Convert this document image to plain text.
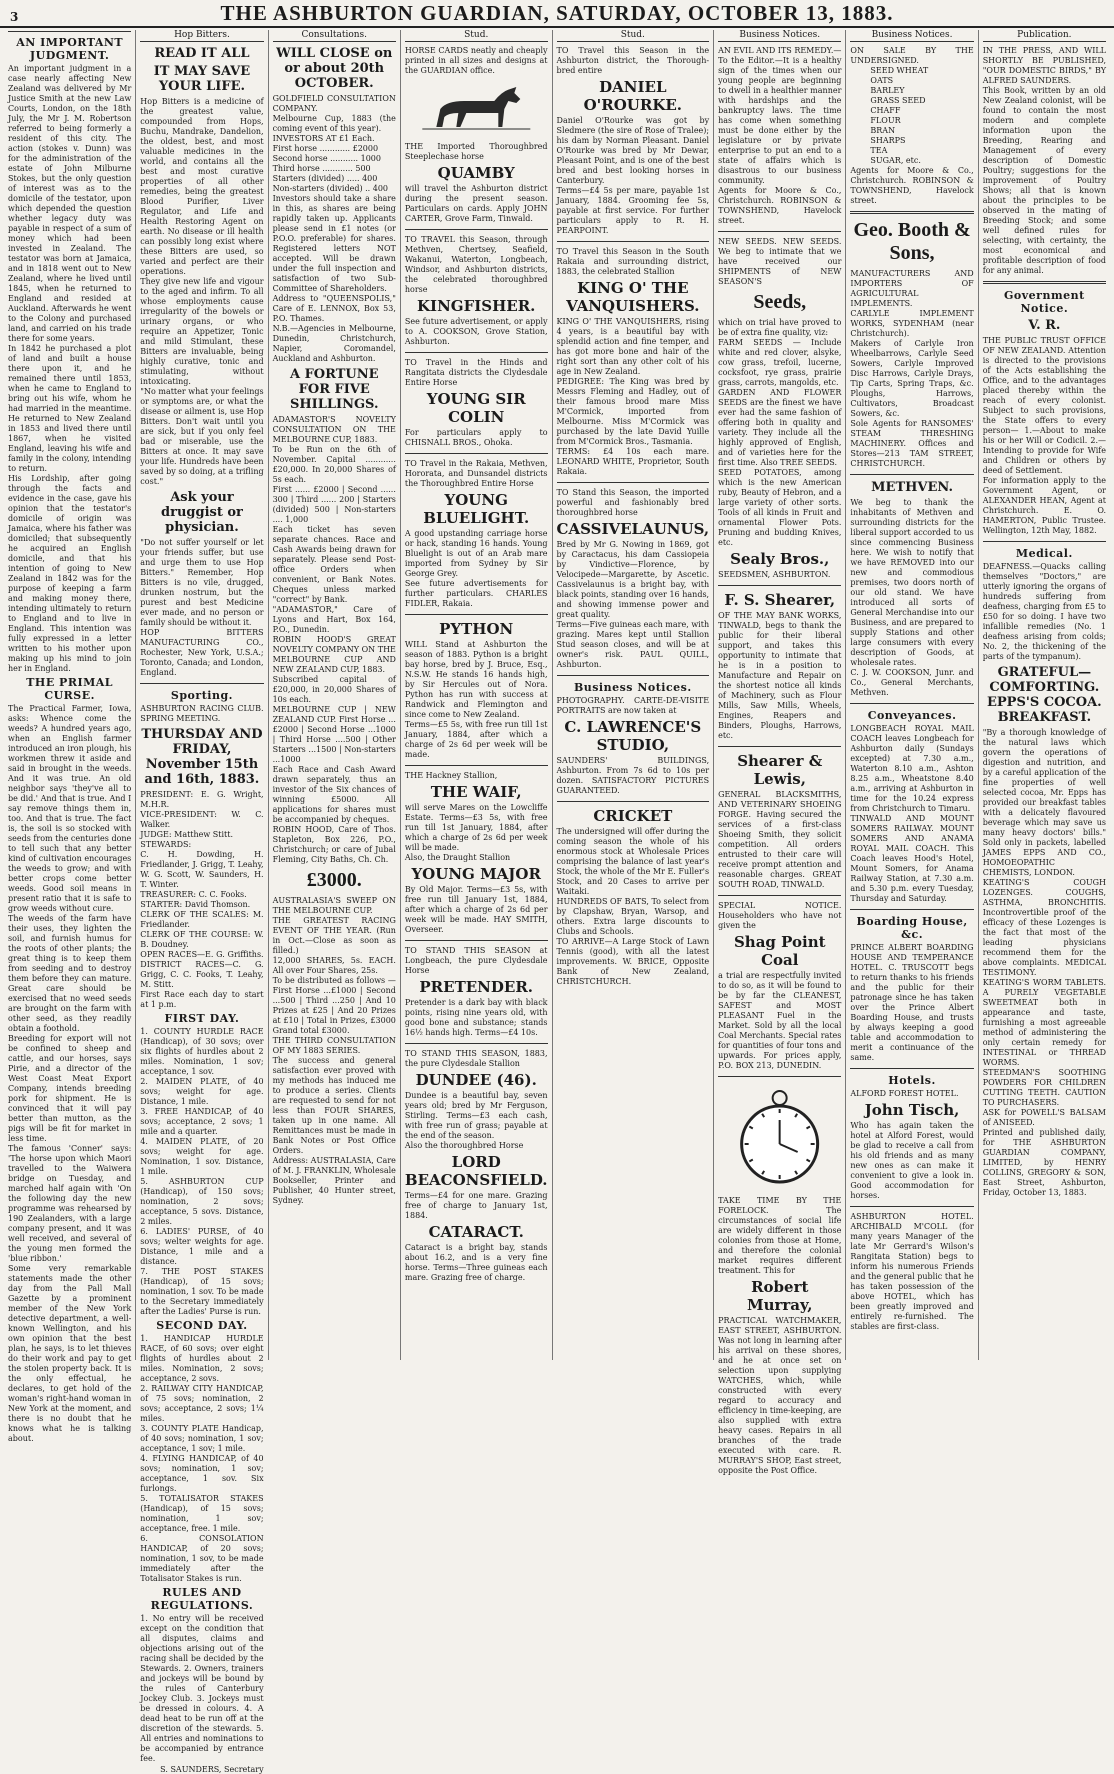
3	THE ASHBURTON GUARDIAN, SATURDAY, OCTOBER 13, 1883.
AN IMPORTANT JUDGMENT.

An important judgment in a case nearly affecting New Zealand was delivered by Mr Justice Smith at the new Law Courts, London, on the 18th July, the Mr J. M. Robertson referred to being formerly a resident of this city. The action (stokes v. Dunn) was for the administration of the estate of John Milburne Stokes, but the only question of interest was as to the domicile of the testator, upon which depended the question whether legacy duty was payable in respect of a sum of money which had been invested in Zealand. The testator was born at Jamaica, and in 1818 went out to New Zealand, where he lived until 1845, when he returned to England and resided at Auckland. Afterwards he went to the Colony and purchased land, and carried on his trade there for some years.

In 1842 he purchased a plot of land and built a house there upon it, and he remained there until 1853, when he came to England to bring out his wife, whom he had married in the meantime. He returned to New Zealand in 1853 and lived there until 1867, when he visited England, leaving his wife and family in the colony, intending to return.

His Lordship, after going through the facts and evidence in the case, gave his opinion that the testator's domicile of origin was Jamaica, where his father was domiciled; that subsequently he acquired an English domicile, and that his intention of going to New Zealand in 1842 was for the purpose of keeping a farm and making money there, intending ultimately to return to England and to live in England. This intention was fully expressed in a letter written to his mother upon making up his mind to join her in England.

THE PRIMAL CURSE.

The Practical Farmer, Iowa, asks: Whence come the weeds? A hundred years ago, when an English farmer introduced an iron plough, his workmen threw it aside and said in brought in the weeds. And it was true. An old neighbor says 'they've all to be did.' And that is true. And I say remove things them in, too. And that is true. The fact is, the soil is so stocked with seeds from the centuries done to tell such that any better kind of cultivation encourages the weeds to grow; and with better crops come better weeds. Good soil means in present ratio that it is safe to grow weeds without cure.

The weeds of the farm have their uses, they lighten the soil, and furnish humus for the roots of other plants; the great thing is to keep them from seeding and to destroy them before they can mature. Great care should be exercised that no weed seeds are brought on the farm with other seed, as they readily obtain a foothold.

Breeding for export will not be confined to sheep and cattle, and our horses, says Pirie, and a director of the West Coast Meat Export Company, intends breeding pork for shipment. He is convinced that it will pay better than mutton, as the pigs will be fit for market in less time.

The famous 'Conner' says: 'The horse upon which Maori travelled to the Waiwera bridge on Tuesday, and marched half again with 'On the following day the new programme was rehearsed by 190 Zealanders, with a large company present, and it was well received, and several of the young men formed the 'blue ribbon.'

Some very remarkable statements made the other day from the Pall Mall Gazette by a prominent member of the New York detective department, a well-known Wellington, and his own opinion that the best plan, he says, is to let thieves do their work and pay to get the stolen property back. It is the only effectual, he declares, to get hold of the woman's right-hand woman in New York at the moment, and there is no doubt that he knows what he is talking about.

Hop Bitters.
READ IT ALL
IT MAY SAVE YOUR LIFE.

Hop Bitters is a medicine of the greatest value, compounded from Hops, Buchu, Mandrake, Dandelion, the oldest, best, and most valuable medicines in the world, and contains all the best and most curative properties of all other remedies, being the greatest Blood Purifier, Liver Regulator, and Life and Health Restoring Agent on earth. No disease or ill health can possibly long exist where these Bitters are used, so varied and perfect are their operations.

They give new life and vigour to the aged and infirm. To all whose employments cause irregularity of the bowels or urinary organs, or who require an Appetizer, Tonic and mild Stimulant, these Bitters are invaluable, being highly curative, tonic and stimulating, without intoxicating.

"No matter what your feelings or symptoms are, or what the disease or ailment is, use Hop Bitters. Don't wait until you are sick, but if you only feel bad or miserable, use the Bitters at once. It may save your life. Hundreds have been saved by so doing, at a trifling cost."

Ask your druggist or physician.

"Do not suffer yourself or let your friends suffer, but use and urge them to use Hop Bitters." Remember, Hop Bitters is no vile, drugged, drunken nostrum, but the purest and best Medicine ever made, and no person or family should be without it.

HOP BITTERS MANUFACTURING CO., Rochester, New York, U.S.A.; Toronto, Canada; and London, England.

Sporting.

ASHBURTON RACING CLUB. SPRING MEETING.

THURSDAY AND FRIDAY, November 15th and 16th, 1883.

PRESIDENT: E. G. Wright, M.H.R.

VICE-PRESIDENT: W. C. Walker.

JUDGE: Matthew Stitt.

STEWARDS:

C. H. Dowding, H. Friedlander, J. Grigg, T. Leahy, W. G. Scott, W. Saunders, H. T. Winter.

TREASURER: C. C. Fooks.

STARTER: David Thomson.

CLERK OF THE SCALES: M. Friedlander.

CLERK OF THE COURSE: W. B. Doudney.

OPEN RACES—E. G. Griffiths. DISTRICT RACES—C. G. Grigg, C. C. Fooks, T. Leahy, M. Stitt.

First Race each day to start at 1 p.m.

FIRST DAY.

1. COUNTY HURDLE RACE (Handicap), of 30 sovs; over six flights of hurdles about 2 miles. Nomination, 1 sov; acceptance, 1 sov.

2. MAIDEN PLATE, of 40 sovs; weight for age. Distance, 1 mile.

3. FREE HANDICAP, of 40 sovs; acceptance, 2 sovs; 1 mile and a quarter.

4. MAIDEN PLATE, of 20 sovs; weight for age. Nomination, 1 sov. Distance, 1 mile.

5. ASHBURTON CUP (Handicap), of 150 sovs; nomination, 2 sovs; acceptance, 5 sovs. Distance, 2 miles.

6. LADIES' PURSE, of 40 sovs; welter weights for age. Distance, 1 mile and a distance.

7. THE POST STAKES (Handicap), of 15 sovs; nomination, 1 sov. To be made to the Secretary immediately after the Ladies' Purse is run.

SECOND DAY.

1. HANDICAP HURDLE RACE, of 60 sovs; over eight flights of hurdles about 2 miles. Nomination, 2 sovs; acceptance, 2 sovs.

2. RAILWAY CITY HANDICAP, of 75 sovs; nomination, 2 sovs; acceptance, 2 sovs; 1¼ miles.

3. COUNTY PLATE Handicap, of 40 sovs; nomination, 1 sov; acceptance, 1 sov; 1 mile.

4. FLYING HANDICAP, of 40 sovs; nomination, 1 sov; acceptance, 1 sov. Six furlongs.

5. TOTALISATOR STAKES (Handicap), of 15 sovs; nomination, 1 sov; acceptance, free. 1 mile.

6. CONSOLATION HANDICAP, of 20 sovs; nomination, 1 sov, to be made immediately after the Totalisator Stakes is run.

RULES AND REGULATIONS.

1. No entry will be received except on the condition that all disputes, claims and objections arising out of the racing shall be decided by the Stewards. 2. Owners, trainers and jockeys will be bound by the rules of Canterbury Jockey Club. 3. Jockeys must be dressed in colours. 4. A dead heat to be run off at the discretion of the stewards. 5. All entries and nominations to be accompanied by entrance fee.

S. SAUNDERS, Secretary

Consultations.
WILL CLOSE on or about 20th OCTOBER.

GOLDFIELD CONSULTATION COMPANY.

Melbourne Cup, 1883 (the coming event of this year).

INVESTORS AT £1 Each.

First horse ............ £2000

Second horse ........... 1000

Third horse ............ 500

Starters (divided) ..... 400

Non-starters (divided) .. 400

Investors should take a share in this, as shares are being rapidly taken up. Applicants please send in £1 notes (or P.O.O. preferable) for shares. Registered letters NOT accepted. Will be drawn under the full inspection and satisfaction of two Sub-Committee of Shareholders.

Address to "QUEENSPOLIS," Care of E. LENNOX, Box 53, P.O. Thames.

N.B.—Agencies in Melbourne, Dunedin, Christchurch, Napier, Coromandel, Auckland and Ashburton.

A FORTUNE FOR FIVE SHILLINGS.

ADAMASTOR'S NOVELTY CONSULTATION ON THE MELBOURNE CUP, 1883.

To be Run on the 6th of November. Capital ............ £20,000. In 20,000 Shares of 5s each.

First ...... £2000 | Second ...... 300 | Third ...... 200 | Starters (divided) 500 | Non-starters .... 1,000

Each ticket has seven separate chances. Race and Cash Awards being drawn for separately. Please send Post-office Orders when convenient, or Bank Notes. Cheques unless marked "correct" by Bank.

"ADAMASTOR," Care of Lyons and Hart, Box 164, P.O., Dunedin.

ROBIN HOOD'S GREAT NOVELTY COMPANY ON THE MELBOURNE CUP AND NEW ZEALAND CUP, 1883.

Subscribed capital of £20,000, in 20,000 Shares of 10s each.

MELBOURNE CUP | NEW ZEALAND CUP. First Horse ...£2000 | Second Horse ...1000 | Third Horse ....500 | Other Starters ...1500 | Non-starters ...1000

Each Race and Cash Award drawn separately, thus an investor of the Six chances of winning £5000. All applications for shares must be accompanied by cheques.

ROBIN HOOD, Care of Thos. Stapleton, Box 226, P.O., Christchurch; or care of Jubal Fleming, City Baths, Ch. Ch.

£3000.

AUSTRALASIA'S SWEEP ON THE MELBOURNE CUP.

THE GREATEST RACING EVENT OF THE YEAR. (Run in Oct.—Close as soon as filled.)

12,000 SHARES, 5s. EACH. All over Four Shares, 25s.

To be distributed as follows — First Horse ...£1000 | Second ...500 | Third ...250 | And 10 Prizes at £25 | And 20 Prizes at £10 | Total in Prizes, £3000 Grand total £3000.

THE THIRD CONSULTATION OF MY 1883 SERIES.

The success and general satisfaction ever proved with my methods has induced me to produce a series. Clients are requested to send for not less than FOUR SHARES, taken up in one name. All Remittances must be made in Bank Notes or Post Office Orders.

Address: AUSTRALASIA, Care of M. J. FRANKLIN, Wholesale Bookseller, Printer and Publisher, 40 Hunter street, Sydney.

Stud.

HORSE CARDS neatly and cheaply printed in all sizes and designs at the GUARDIAN office.

THE Imported Thoroughbred Steeplechase horse

QUAMBY

will travel the Ashburton district during the present season. Particulars on cards. Apply JOHN CARTER, Grove Farm, Tinwald.

TO TRAVEL this Season, through Methven, Chertsey, Seafield, Wakanui, Waterton, Longbeach, Windsor, and Ashburton districts, the celebrated thoroughbred horse

KINGFISHER.

See future advertisement, or apply to A. COOKSON, Grove Station, Ashburton.

TO Travel in the Hinds and Rangitata districts the Clydesdale Entire Horse

YOUNG SIR COLIN

For particulars apply to CHISNALL BROS., Ohoka.

TO Travel in the Rakaia, Methven, Hororata, and Dunsandel districts the Thoroughbred Entire Horse

YOUNG BLUELIGHT.

A good upstanding carriage horse or hack, standing 16 hands. Young Bluelight is out of an Arab mare imported from Sydney by Sir George Grey.

See future advertisements for further particulars. CHARLES FIDLER, Rakaia.

PYTHON

WILL Stand at Ashburton the season of 1883. Python is a bright bay horse, bred by J. Bruce, Esq., N.S.W. He stands 16 hands high, by Sir Hercules out of Nora. Python has run with success at Randwick and Flemington and since come to New Zealand.

Terms—£5 5s, with free run till 1st January, 1884, after which a charge of 2s 6d per week will be made.

THE Hackney Stallion,

THE WAIF,

will serve Mares on the Lowcliffe Estate. Terms—£3 5s, with free run till 1st January, 1884, after which a charge of 2s 6d per week will be made.

Also, the Draught Stallion

YOUNG MAJOR

By Old Major. Terms—£3 5s, with free run till January 1st, 1884, after which a charge of 2s 6d per week will be made. HAY SMITH, Overseer.

TO STAND THIS SEASON at Longbeach, the pure Clydesdale Horse

PRETENDER.

Pretender is a dark bay with black points, rising nine years old, with good bone and substance; stands 16½ hands high. Terms—£4 10s.

TO STAND THIS SEASON, 1883, the pure Clydesdale Stallion

DUNDEE (46).

Dundee is a beautiful bay, seven years old; bred by Mr Ferguson, Stirling. Terms—£3 each cash, with free run of grass; payable at the end of the season.

Also the thoroughbred Horse

LORD BEACONSFIELD.

Terms—£4 for one mare. Grazing free of charge to January 1st, 1884.

CATARACT.

Cataract is a bright bay, stands about 16.2, and is a very fine horse. Terms—Three guineas each mare. Grazing free of charge.

Stud.

TO Travel this Season in the Ashburton district, the Thorough-bred entire

DANIEL O'ROURKE.

Daniel O'Rourke was got by Sledmere (the sire of Rose of Tralee); his dam by Norman Pleasant. Daniel O'Rourke was bred by Mr Dewar, Pleasant Point, and is one of the best bred and best looking horses in Canterbury.

Terms—£4 5s per mare, payable 1st January, 1884. Grooming fee 5s, payable at first service. For further particulars apply to R. H. PEARPOINT.

TO Travel this Season in the South Rakaia and surrounding district, 1883, the celebrated Stallion

KING O' THE VANQUISHERS.

KING O' THE VANQUISHERS, rising 4 years, is a beautiful bay with splendid action and fine temper, and has got more bone and hair of the right sort than any other colt of his age in New Zealand.

PEDIGREE: The King was bred by Messrs Fleming and Hadley, out of their famous brood mare Miss M'Cormick, imported from Melbourne. Miss M'Cormick was purchased by the late David Yuille from M'Cormick Bros., Tasmania.

TERMS: £4 10s each mare. LEONARD WHITE, Proprietor, South Rakaia.

TO Stand this Season, the imported powerful and fashionably bred thoroughbred horse

CASSIVELAUNUS,

Bred by Mr G. Nowing in 1869, got by Caractacus, his dam Cassiopeia by Vindictive—Florence, by Velocipede—Margarette, by Ascetic. Cassivelaunus is a bright bay, with black points, standing over 16 hands, and showing immense power and great quality.

Terms—Five guineas each mare, with grazing. Mares kept until Stallion Stud season closes, and will be at owner's risk. PAUL QUILL, Ashburton.

Business Notices.

PHOTOGRAPHY. CARTE-DE-VISITE PORTRAITS are now taken at

C. LAWRENCE'S STUDIO,

SAUNDERS' BUILDINGS, Ashburton. From 7s 6d to 10s per dozen. SATISFACTORY PICTURES GUARANTEED.

CRICKET

The undersigned will offer during the coming season the whole of his enormous stock at Wholesale Prices comprising the balance of last year's Stock, the whole of the Mr E. Fuller's Stock, and 20 Cases to arrive per Waitaki.

HUNDREDS OF BATS, To select from by Clapshaw, Bryan, Warsop, and others. Extra large discounts to Clubs and Schools.

TO ARRIVE—A Large Stock of Lawn Tennis (good), with all the latest improvements. W. BRICE, Opposite Bank of New Zealand, CHRISTCHURCH.

Business Notices.

AN EVIL AND ITS REMEDY.—To the Editor.—It is a healthy sign of the times when our young people are beginning to dwell in a healthier manner with hardships and the bankruptcy laws. The time has come when something must be done either by the legislature or by private enterprise to put an end to a state of affairs which is disastrous to our business community.

Agents for Moore & Co., Christchurch. ROBINSON & TOWNSHEND, Havelock street.

NEW SEEDS. NEW SEEDS. We beg to intimate that we have received our SHIPMENTS of NEW SEASON'S

Seeds,

which on trial have proved to be of extra fine quality, viz:

FARM SEEDS — Include white and red clover, alsyke, cow grass, trefoil, lucerne, cocksfoot, rye grass, prairie grass, carrots, mangolds, etc.

GARDEN AND FLOWER SEEDS are the finest we have ever had the same fashion of offering both in quality and variety. They include all the highly approved of English, and of varieties here for the first time. Also TREE SEEDS.

SEED POTATOES, among which is the new American ruby, Beauty of Hebron, and a large variety of other sorts. Tools of all kinds in Fruit and ornamental Flower Pots. Pruning and budding Knives, etc.

Sealy Bros.,

SEEDSMEN, ASHBURTON.

F. S. Shearer,

OF THE MAY BANK WORKS, TINWALD, begs to thank the public for their liberal support, and takes this opportunity to intimate that he is in a position to Manufacture and Repair on the shortest notice all kinds of Machinery, such as Flour Mills, Saw Mills, Wheels, Engines, Reapers and Binders, Ploughs, Harrows, etc.

Shearer & Lewis,

GENERAL BLACKSMITHS, AND VETERINARY SHOEING FORGE. Having secured the services of a first-class Shoeing Smith, they solicit competition. All orders entrusted to their care will receive prompt attention and reasonable charges. GREAT SOUTH ROAD, TINWALD.

SPECIAL NOTICE. Householders who have not given the

Shag Point Coal

a trial are respectfully invited to do so, as it will be found to be by far the CLEANEST, SAFEST and MOST PLEASANT Fuel in the Market. Sold by all the local Coal Merchants. Special rates for quantities of four tons and upwards. For prices apply, P.O. BOX 213, DUNEDIN.

TAKE TIME BY THE FORELOCK. The circumstances of social life are widely different in those colonies from those at Home, and therefore the colonial market requires different treatment. This for

Robert Murray,

PRACTICAL WATCHMAKER, EAST STREET, ASHBURTON. Was not long in learning after his arrival on these shores, and he at once set on selection upon supplying WATCHES, which, while constructed with every regard to accuracy and efficiency in time-keeping, are also supplied with extra heavy cases. Repairs in all branches of the trade executed with care. R. MURRAY'S SHOP, East street, opposite the Post Office.

Business Notices.

ON SALE BY THE UNDERSIGNED.

SEED WHEAT
OATS
BARLEY
GRASS SEED
CHAFF
FLOUR
BRAN
SHARPS
TEA
SUGAR, etc.

Agents for Moore & Co., Christchurch. ROBINSON & TOWNSHEND, Havelock street.

Geo. Booth & Sons,

MANUFACTURERS AND IMPORTERS OF AGRICULTURAL IMPLEMENTS.

CARLYLE IMPLEMENT WORKS, SYDENHAM (near Christchurch).

Makers of Carlyle Iron Wheelbarrows, Carlyle Seed Sowers, Carlyle Improved Disc Harrows, Carlyle Drays, Tip Carts, Spring Traps, &c. Ploughs, Harrows, Cultivators, Broadcast Sowers, &c.

Sole Agents for RANSOMES' STEAM THRESHING MACHINERY. Offices and Stores—213 TAM STREET, CHRISTCHURCH.

METHVEN.

We beg to thank the inhabitants of Methven and surrounding districts for the liberal support accorded to us since commencing Business here. We wish to notify that we have REMOVED into our new and commodious premises, two doors north of our old stand. We have introduced all sorts of General Merchandise into our Business, and are prepared to supply Stations and other large consumers with every description of Goods, at wholesale rates.

C. J. W. COOKSON, Junr. and Co., General Merchants, Methven.

Conveyances.

LONGBEACH ROYAL MAIL COACH leaves Longbeach for Ashburton daily (Sundays excepted) at 7.30 a.m., Waterton 8.10 a.m., Ashton 8.25 a.m., Wheatstone 8.40 a.m., arriving at Ashburton in time for the 10.24 express from Christchurch to Timaru.

TINWALD AND MOUNT SOMERS RAILWAY. MOUNT SOMERS AND ANAMA ROYAL MAIL COACH. This Coach leaves Hood's Hotel, Mount Somers, for Anama Railway Station, at 7.30 a.m. and 5.30 p.m. every Tuesday, Thursday and Saturday.

Boarding House, &c.

PRINCE ALBERT BOARDING HOUSE AND TEMPERANCE HOTEL. C. TRUSCOTT begs to return thanks to his friends and the public for their patronage since he has taken over the Prince Albert Boarding House, and trusts by always keeping a good table and accommodation to merit a continuance of the same.

Hotels.

ALFORD FOREST HOTEL.

John Tisch,

Who has again taken the hotel at Alford Forest, would be glad to receive a call from his old friends and as many new ones as can make it convenient to give a look in. Good accommodation for horses.

ASHBURTON HOTEL. ARCHIBALD M'COLL (for many years Manager of the late Mr Gerrard's Wilson's Rangitata Station) begs to inform his numerous Friends and the general public that he has taken possession of the above HOTEL, which has been greatly improved and entirely re-furnished. The stables are first-class.

Publication.

IN THE PRESS, AND WILL SHORTLY BE PUBLISHED, "OUR DOMESTIC BIRDS," BY ALFRED SAUNDERS.

This Book, written by an old New Zealand colonist, will be found to contain the most modern and complete information upon the Breeding, Rearing and Management of every description of Domestic Poultry; suggestions for the improvement of Poultry Shows; all that is known about the principles to be observed in the mating of Breeding Stock; and some well defined rules for selecting, with certainty, the most economical and profitable description of food for any animal.

Government Notice.
V. R.

THE PUBLIC TRUST OFFICE OF NEW ZEALAND. Attention is directed to the provisions of the Acts establishing the Office, and to the advantages placed thereby within the reach of every colonist. Subject to such provisions, the State offers to every person— 1.—About to make his or her Will or Codicil. 2.—Intending to provide for Wife and Children or others by deed of Settlement.

For information apply to the Government Agent, or ALEXANDER HEAN, Agent at Christchurch. E. O. HAMERTON, Public Trustee. Wellington, 12th May, 1882.

Medical.

DEAFNESS.—Quacks calling themselves "Doctors," are utterly ignoring the organs of hundreds suffering from deafness, charging from £5 to £50 for so doing. I have two infallible remedies (No. 1 deafness arising from colds; No. 2, the thickening of the parts of the tympanum).

GRATEFUL—COMFORTING. EPPS'S COCOA. BREAKFAST.

"By a thorough knowledge of the natural laws which govern the operations of digestion and nutrition, and by a careful application of the fine properties of well selected cocoa, Mr. Epps has provided our breakfast tables with a delicately flavoured beverage which may save us many heavy doctors' bills." Sold only in packets, labelled JAMES EPPS AND CO., HOMOEOPATHIC CHEMISTS, LONDON.

KEATING'S COUGH LOZENGES. COUGHS, ASTHMA, BRONCHITIS. Incontrovertible proof of the efficacy of these Lozenges is the fact that most of the leading physicians recommend them for the above complaints. MEDICAL TESTIMONY.

KEATING'S WORM TABLETS. A PURELY VEGETABLE SWEETMEAT both in appearance and taste, furnishing a most agreeable method of administering the only certain remedy for INTESTINAL or THREAD WORMS.

STEEDMAN'S SOOTHING POWDERS FOR CHILDREN CUTTING TEETH. CAUTION TO PURCHASERS.

ASK for POWELL'S BALSAM of ANISEED.

Printed and published daily, for THE ASHBURTON GUARDIAN COMPANY, LIMITED, by HENRY COLLINS, GREGORY & SON, East Street, Ashburton, Friday, October 13, 1883.
